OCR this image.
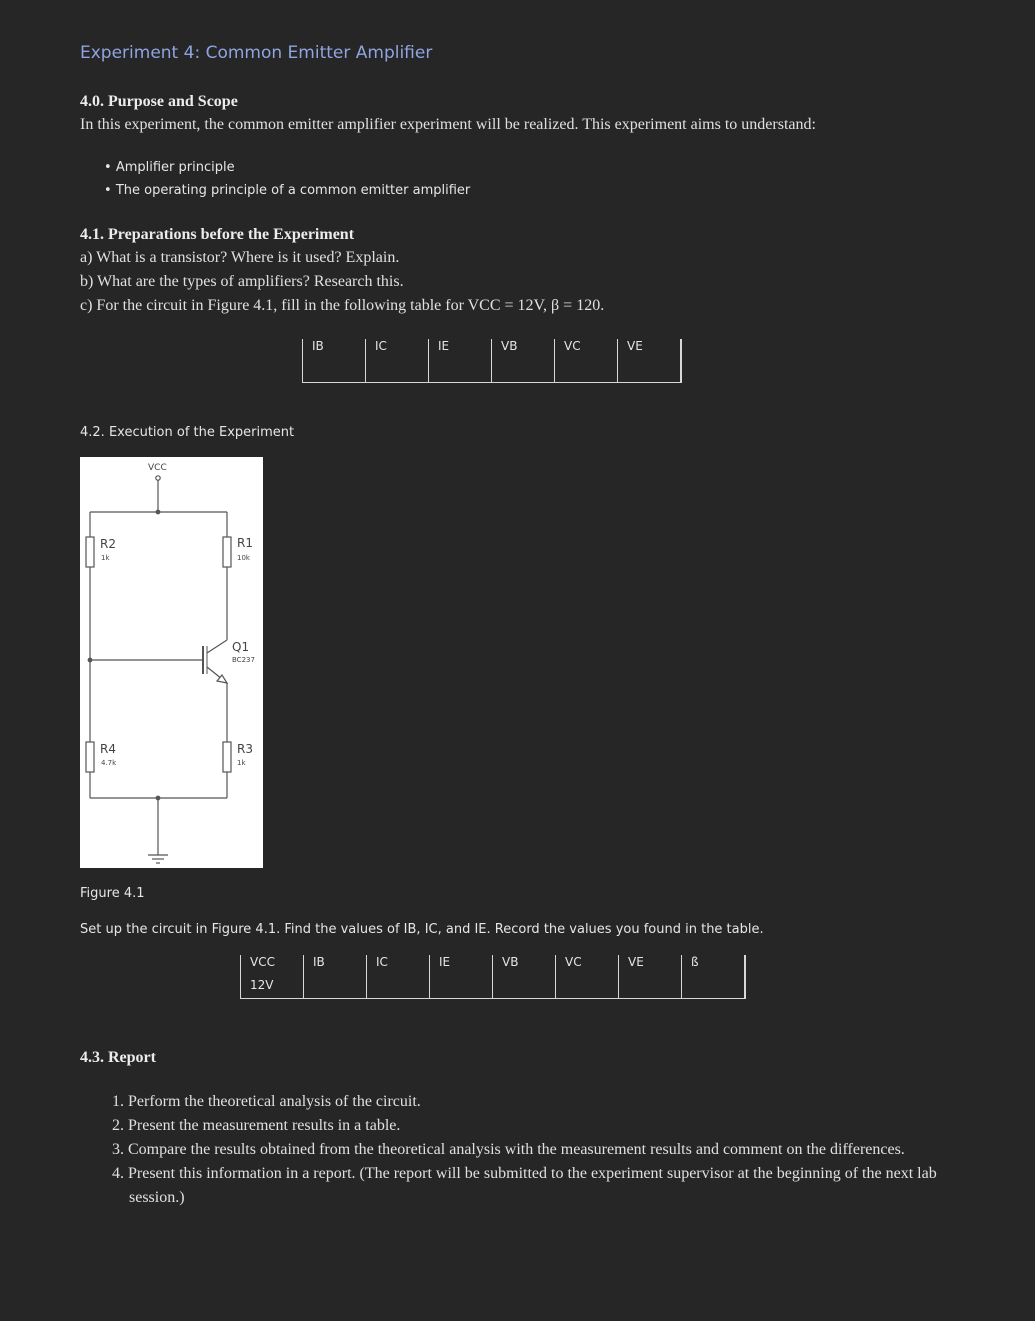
Experiment 4: Common Emitter Amplifier
4.0. Purpose and Scope
In this experiment, the common emitter amplifier experiment will be realized. This experiment aims to understand:
• Amplifier principle
• The operating principle of a common emitter amplifier
4.1. Preparations before the Experiment
a) What is a transistor? Where is it used? Explain.
b) What are the types of amplifiers? Research this.
c) For the circuit in Figure 4.1, fill in the following table for VCC = 12V, β = 120.
IB	IC	IE	VB	VC	VE	

4.2. Execution of the Experiment
VCC
R2
1k
R1
10k
Q1
BC237
R4
4.7k
R3
1k
Figure 4.1
Set up the circuit in Figure 4.1. Find the values of IB, IC, and IE. Record the values you found in the table.
VCC	IB	IC	IE	VB	VC	VE	ß	
12V								
4.3. Report
1. Perform the theoretical analysis of the circuit.
2. Present the measurement results in a table.
3. Compare the results obtained from the theoretical analysis with the measurement results and comment on the differences.
4. Present this information in a report. (The report will be submitted to the experiment supervisor at the beginning of the next lab session.)
